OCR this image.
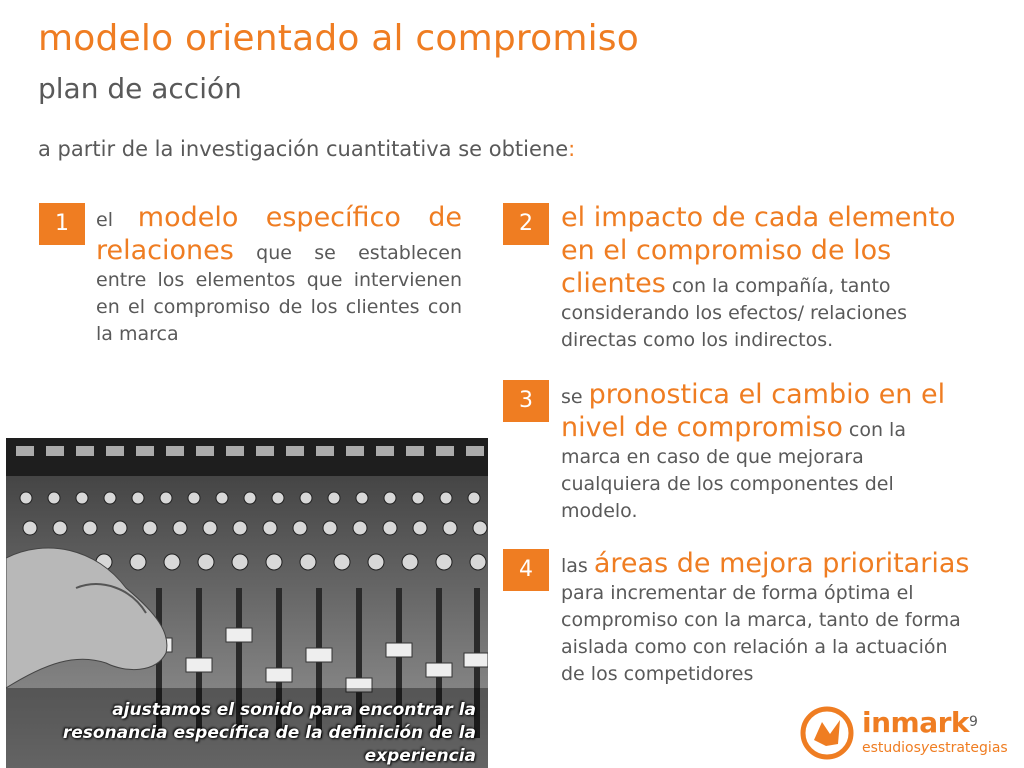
modelo orientado al compromiso
plan de acción

a partir de la investigación cuantitativa se obtiene:

1	el modelo específico de relaciones que se establecen entre los elementos que intervienen en el compromiso de los clientes con la marca
2	el impacto de cada elemento en el compromiso de los clientes con la compañía, tanto considerando los efectos/ relaciones directas como los indirectos.
3	se pronostica el cambio en el nivel de compromiso con la marca en caso de que mejorara cualquiera de los componentes del modelo.
4	las áreas de mejora prioritarias para incrementar de forma óptima el compromiso con la marca, tanto de forma aislada como con relación a la actuación de los competidores
ajustamos el sonido para encontrar la resonancia específica de la definición de la experiencia
9
inmark
estudiosyestrategias
